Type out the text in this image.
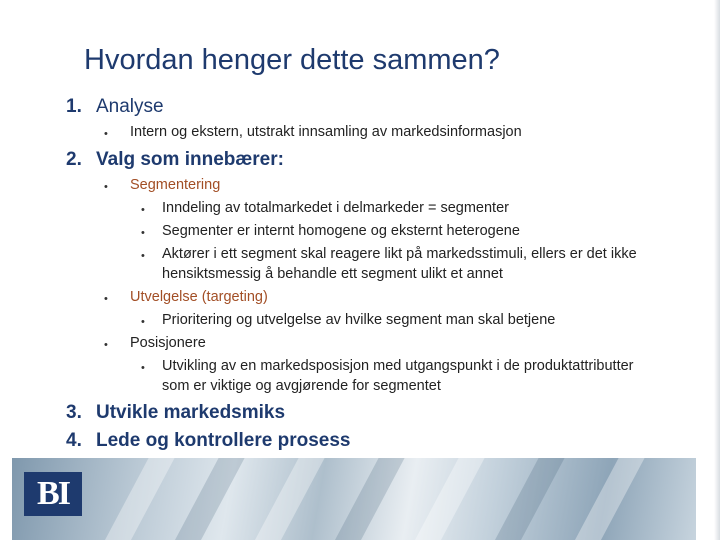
Hvordan henger dette sammen?
1. Analyse
• Intern og ekstern, utstrakt innsamling av markedsinformasjon
2. Valg som innebærer:
• Segmentering
• Inndeling av totalmarkedet i delmarkeder = segmenter
• Segmenter er internt homogene og eksternt heterogene
• Aktører i ett segment skal reagere likt på markedsstimuli, ellers er det ikke
hensiktsmessig å behandle ett segment ulikt et annet
• Utvelgelse (targeting)
• Prioritering og utvelgelse av hvilke segment man skal betjene
• Posisjonere
• Utvikling av en markedsposisjon med utgangspunkt i de produktattributter
som er viktige og avgjørende for segmentet
3. Utvikle markedsmiks
4. Lede og kontrollere prosess
BI
